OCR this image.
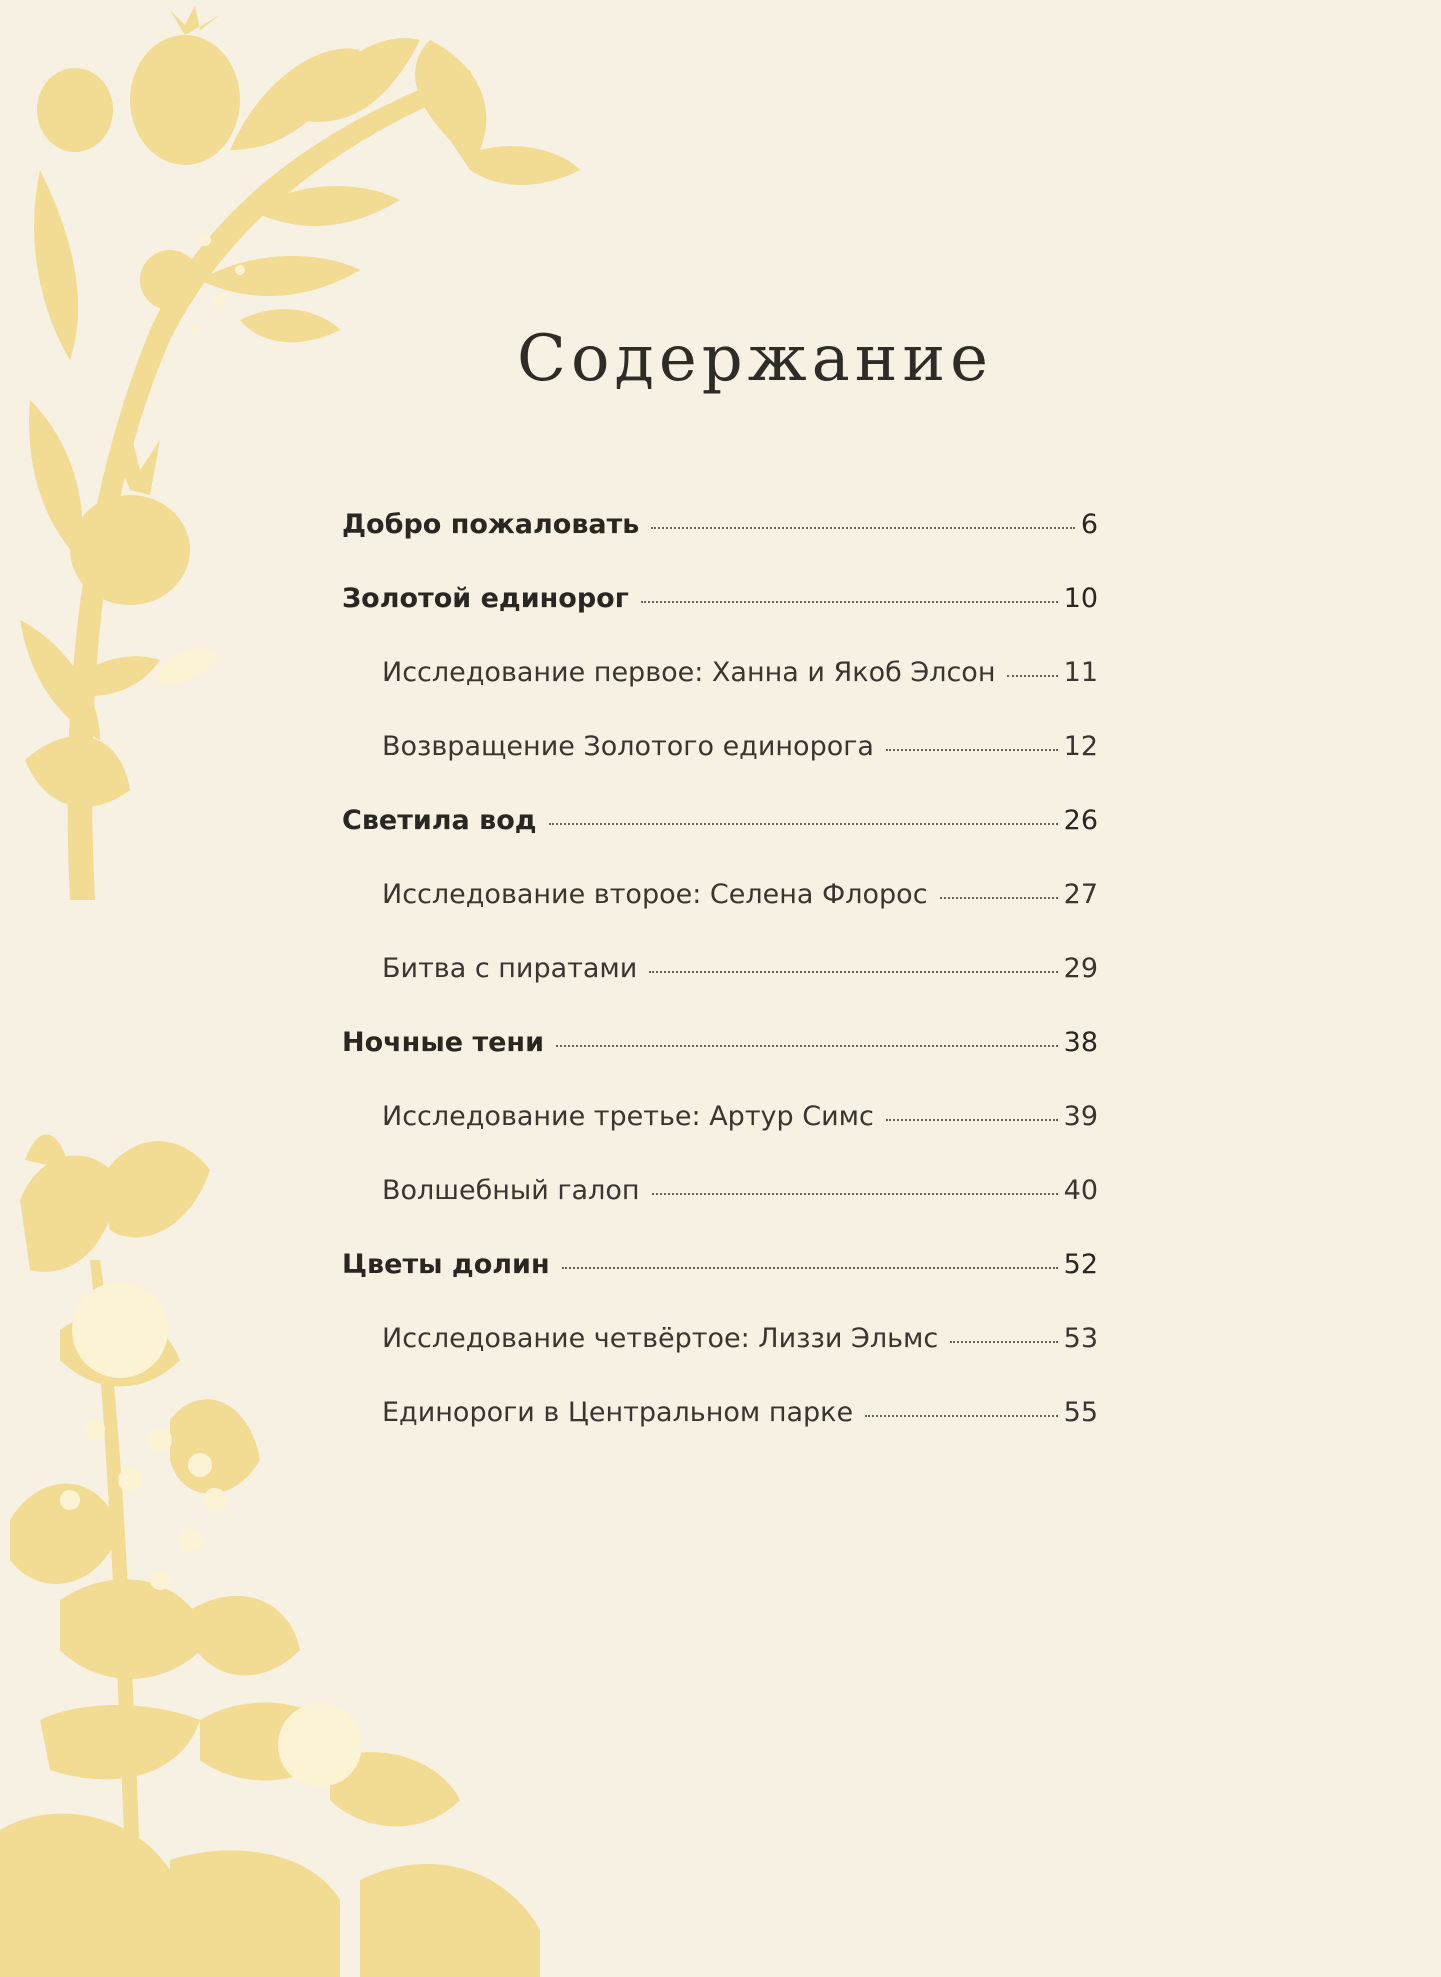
Содержание
Добро пожаловать	6
Золотой единорог	10
Исследование первое: Ханна и Якоб Элсон	11
Возвращение Золотого единорога	12
Светила вод	26
Исследование второе: Селена Флорос	27
Битва с пиратами	29
Ночные тени	38
Исследование третье: Артур Симс	39
Волшебный галоп	40
Цветы долин	52
Исследование четвёртое: Лиззи Эльмс	53
Единороги в Центральном парке	55
